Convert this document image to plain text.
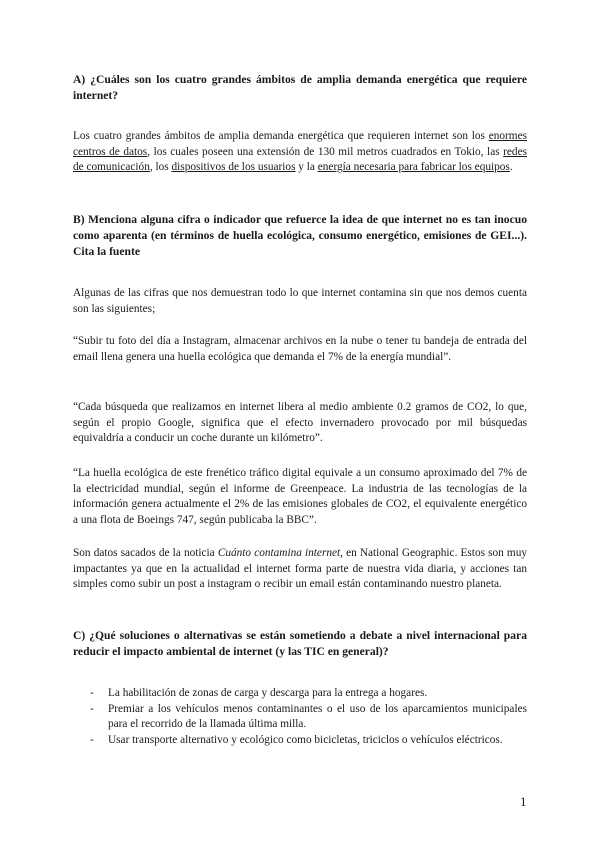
A) ¿Cuáles son los cuatro grandes ámbitos de amplia demanda energética que requiere internet?
Los cuatro grandes ámbitos de amplia demanda energética que requieren internet son los enormes centros de datos, los cuales poseen una extensión de 130 mil metros cuadrados en Tokio, las redes de comunicación, los dispositivos de los usuarios y la energía necesaria para fabricar los equipos.
B) Menciona alguna cifra o indicador que refuerce la idea de que internet no es tan inocuo como aparenta (en términos de huella ecológica, consumo energético, emisiones de GEI...). Cita la fuente
Algunas de las cifras que nos demuestran todo lo que internet contamina sin que nos demos cuenta son las siguientes;
“Subir tu foto del día a Instagram, almacenar archivos en la nube o tener tu bandeja de entrada del email llena genera una huella ecológica que demanda el 7% de la energía mundial”.
“Cada búsqueda que realizamos en internet libera al medio ambiente 0.2 gramos de CO2, lo que, según el propio Google, significa que el efecto invernadero provocado por mil búsquedas equivaldría a conducir un coche durante un kilómetro”.
“La huella ecológica de este frenético tráfico digital equivale a un consumo aproximado del 7% de la electricidad mundial, según el informe de Greenpeace. La industria de las tecnologías de la información genera actualmente el 2% de las emisiones globales de CO2, el equivalente energético a una flota de Boeings 747, según publicaba la BBC”.
Son datos sacados de la noticia Cuánto contamina internet, en National Geographic. Estos son muy impactantes ya que en la actualidad el internet forma parte de nuestra vida diaria, y acciones tan simples como subir un post a instagram o recibir un email están contaminando nuestro planeta.
C) ¿Qué soluciones o alternativas se están sometiendo a debate a nivel internacional para reducir el impacto ambiental de internet (y las TIC en general)?
- La habilitación de zonas de carga y descarga para la entrega a hogares.
- Premiar a los vehículos menos contaminantes o el uso de los aparcamientos municipales para el recorrido de la llamada última milla.
- Usar transporte alternativo y ecológico como bicicletas, triciclos o vehículos eléctricos.
1
